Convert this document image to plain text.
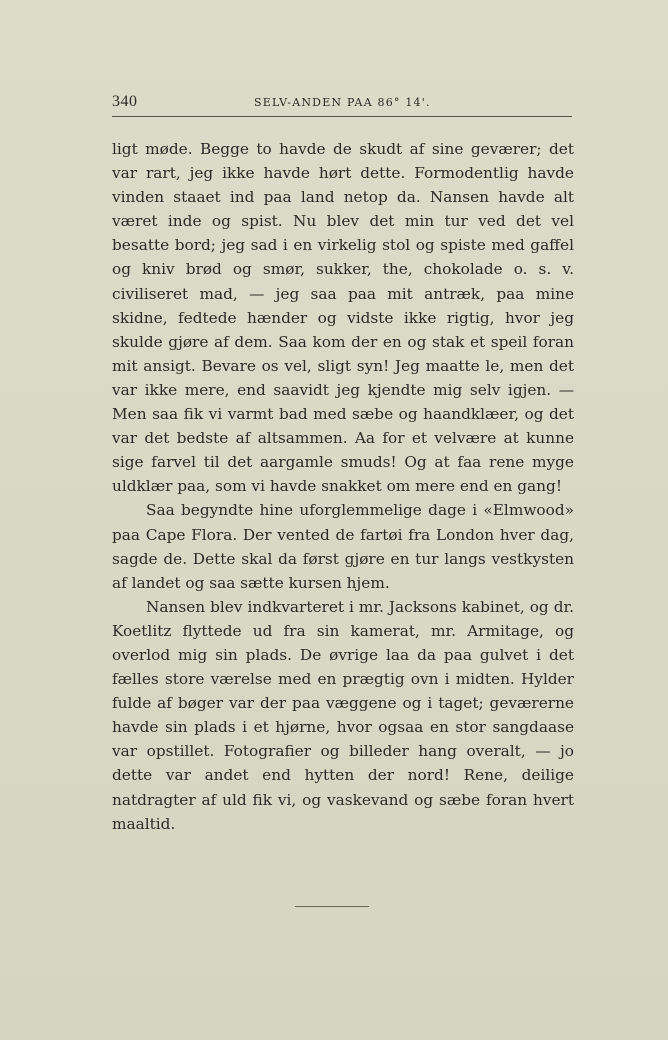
340	SELV-ANDEN PAA 86° 14'.

ligt møde. Begge to havde de skudt af sine geværer; det var rart, jeg ikke havde hørt dette. Formodentlig havde vinden staaet ind paa land netop da. Nansen havde alt været inde og spist. Nu blev det min tur ved det vel besatte bord; jeg sad i en virkelig stol og spiste med gaffel og kniv brød og smør, sukker, the, chokolade o. s. v. civiliseret mad, — jeg saa paa mit antræk, paa mine skidne, fedtede hænder og vidste ikke rigtig, hvor jeg skulde gjøre af dem. Saa kom der en og stak et speil foran mit ansigt. Bevare os vel, sligt syn! Jeg maatte le, men det var ikke mere, end saavidt jeg kjendte mig selv igjen. — Men saa fik vi varmt bad med sæbe og haandklæer, og det var det bedste af altsammen. Aa for et velvære at kunne sige farvel til det aargamle smuds! Og at faa rene myge uldklær paa, som vi havde snakket om mere end en gang!

Saa begyndte hine uforglemmelige dage i «Elmwood» paa Cape Flora. Der vented de fartøi fra London hver dag, sagde de. Dette skal da først gjøre en tur langs vestkysten af landet og saa sætte kursen hjem.

Nansen blev indkvarteret i mr. Jacksons kabinet, og dr. Koetlitz flyttede ud fra sin kamerat, mr. Armitage, og overlod mig sin plads. De øvrige laa da paa gulvet i det fælles store værelse med en prægtig ovn i midten. Hylder fulde af bøger var der paa væggene og i taget; geværerne havde sin plads i et hjørne, hvor ogsaa en stor sangdaase var opstillet. Fotografier og billeder hang overalt, — jo dette var andet end hytten der nord! Rene, deilige natdragter af uld fik vi, og vaskevand og sæbe foran hvert maaltid.
